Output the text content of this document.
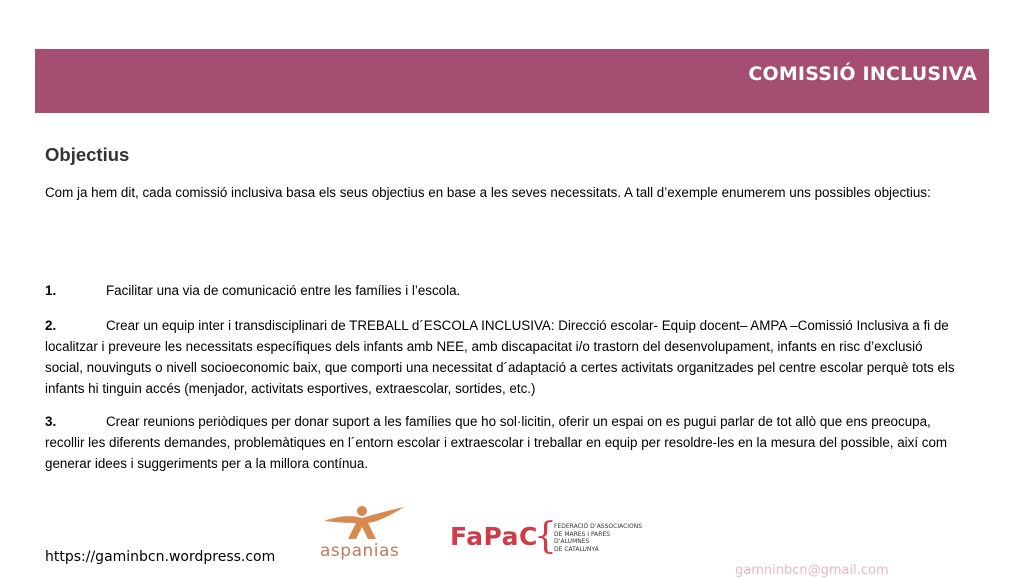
COMISSIÓ INCLUSIVA
Objectius
Com ja hem dit, cada comissió inclusiva basa els seus objectius en base a les seves necessitats. A tall d’exemple enumerem uns possibles objectius:
1.	Facilitar una via de comunicació entre les famílies i l’escola.
2.	Crear un equip inter i transdisciplinari de TREBALL d´ESCOLA INCLUSIVA: Direcció escolar- Equip docent– AMPA –Comissió Inclusiva a fi de localitzar i preveure les necessitats específiques dels infants amb NEE, amb discapacitat i/o trastorn del desenvolupament, infants en risc d’exclusió social, nouvinguts o nivell socioeconomic baix, que comporti una necessitat d´adaptació a certes activitats organitzades pel centre escolar perquè tots els infants hi tinguin accés (menjador, activitats esportives, extraescolar, sortides, etc.)
3.	Crear reunions periòdiques per donar suport a les famílies que ho sol·licitin, oferir un espai on es pugui parlar de tot allò que ens preocupa, recollir les diferents demandes, problemàtiques en l´entorn escolar i extraescolar i treballar en equip per resoldre-les en la mesura del possible, així com generar idees i suggeriments per a la millora contínua.
aspanias FaPaC
{
FEDERACIÓ D’ASSOCIACIONS
DE MARES I PARES D’ALUMNES
DE CATALUNYA
https://gaminbcn.wordpress.com
gamninbcn@gmail.com
